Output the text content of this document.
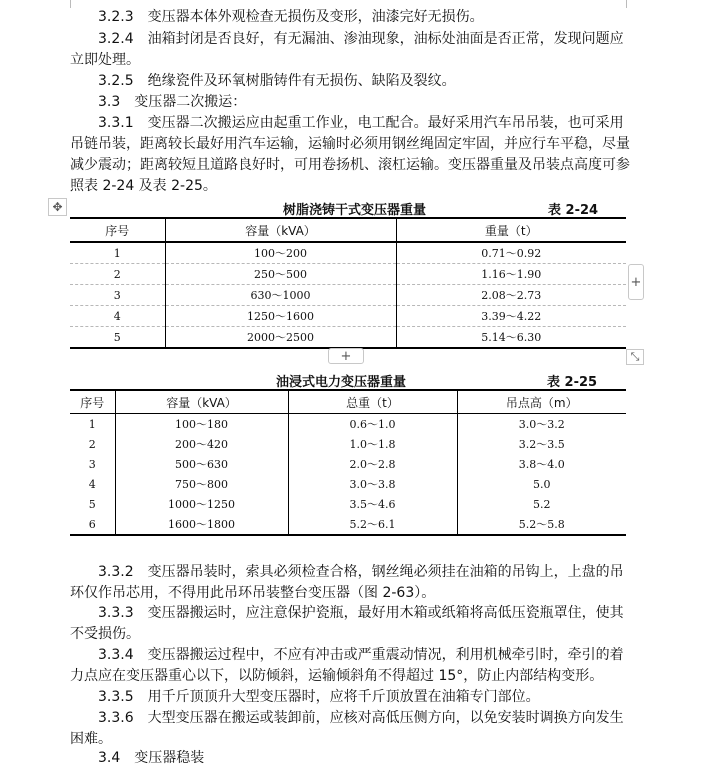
3.2.3　变压器本体外观检查无损伤及变形，油漆完好无损伤。
3.2.4　油箱封闭是否良好，有无漏油、渗油现象，油标处油面是否正常，发现问题应
立即处理。
3.2.5　绝缘瓷件及环氧树脂铸件有无损伤、缺陷及裂纹。
3.3　变压器二次搬运：
3.3.1　变压器二次搬运应由起重工作业，电工配合。最好采用汽车吊吊装，也可采用
吊链吊装，距离较长最好用汽车运输，运输时必须用钢丝绳固定牢固，并应行车平稳，尽量
减少震动；距离较短且道路良好时，可用卷扬机、滚杠运输。变压器重量及吊装点高度可参
照表 2-24 及表 2-25。
✥	树脂浇铸干式变压器重量	表 2-24
序号	容量（kVA）	重量（t）
1	100～200	0.71～0.92
2	250～500	1.16～1.90
3	630～1000	2.08～2.73
4	1250～1600	3.39～4.22
5	2000～2500	5.14～6.30
+
+	⤡
油浸式电力变压器重量	表 2-25
序号	容量（kVA）	总重（t）	吊点高（m）
1	100～180	0.6～1.0	3.0～3.2
2	200～420	1.0～1.8	3.2～3.5
3	500～630	2.0～2.8	3.8～4.0
4	750～800	3.0～3.8	5.0
5	1000～1250	3.5～4.6	5.2
6	1600～1800	5.2～6.1	5.2～5.8
3.3.2　变压器吊装时，索具必须检查合格，钢丝绳必须挂在油箱的吊钩上，上盘的吊
环仅作吊芯用，不得用此吊环吊装整台变压器（图 2-63）。
3.3.3　变压器搬运时，应注意保护瓷瓶，最好用木箱或纸箱将高低压瓷瓶罩住，使其
不受损伤。
3.3.4　变压器搬运过程中，不应有冲击或严重震动情况，利用机械牵引时，牵引的着
力点应在变压器重心以下，以防倾斜，运输倾斜角不得超过 15°，防止内部结构变形。
3.3.5　用千斤顶顶升大型变压器时，应将千斤顶放置在油箱专门部位。
3.3.6　大型变压器在搬运或装卸前，应核对高低压侧方向，以免安装时调换方向发生
困难。
3.4　变压器稳装
